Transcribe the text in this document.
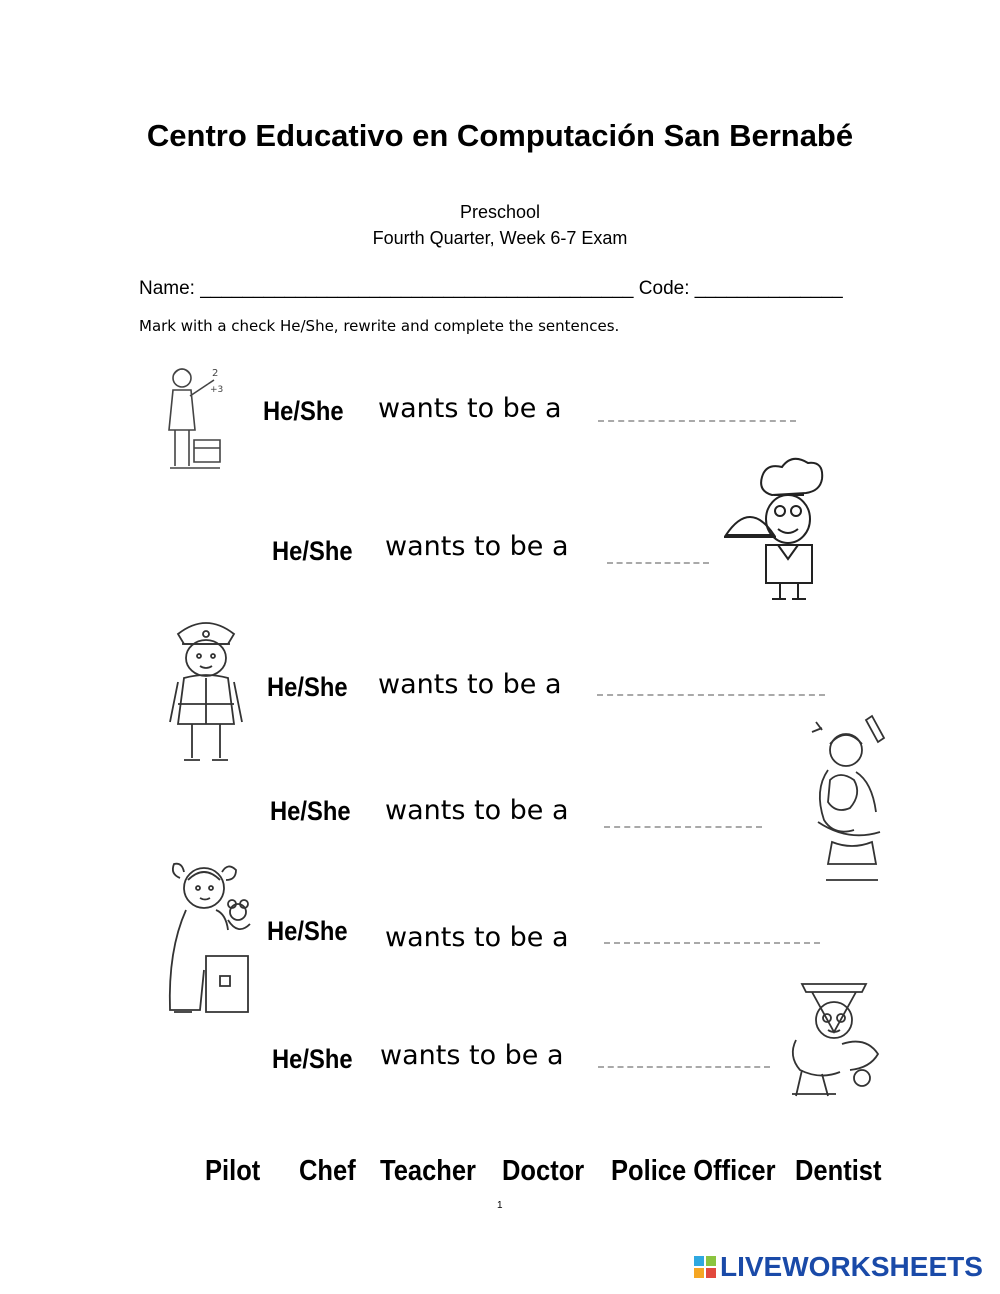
Centro Educativo en Computación San Bernabé
Preschool
Fourth Quarter, Week 6-7 Exam
Name: _________________________________________ Code: ______________
Mark with a check He/She, rewrite and complete the sentences.
2
+3
He/She wants to be a
He/She wants to be a
He/She wants to be a
He/She wants to be a
He/She wants to be a
He/She wants to be a
Pilot Chef Teacher Doctor Police Officer Dentist
1
LIVEWORKSHEETS
